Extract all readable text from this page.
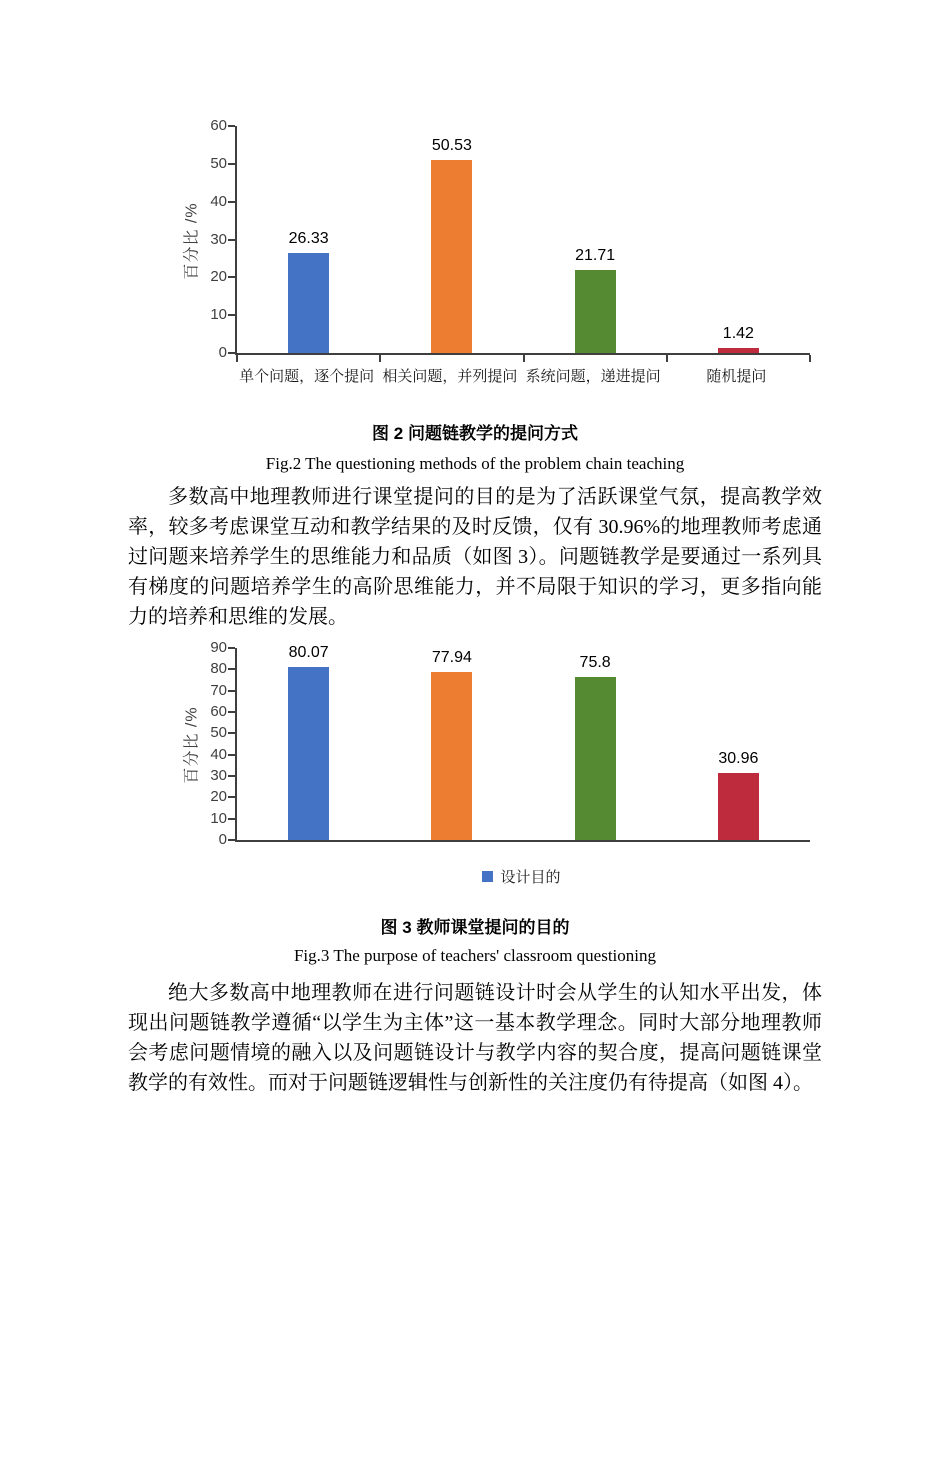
0
10
20
30
40
50
60
26.33
50.53
21.71
1.42
百分比 /%
单个问题，逐个提问 相关问题，并列提问 系统问题，递进提问	随机提问
图 2 问题链教学的提问方式
Fig.2 The questioning methods of the problem chain teaching

多数高中地理教师进行课堂提问的目的是为了活跃课堂气氛，提高教学效率，较多考虑课堂互动和教学结果的及时反馈，仅有 30.96%的地理教师考虑通过问题来培养学生的思维能力和品质（如图 3）。问题链教学是要通过一系列具有梯度的问题培养学生的高阶思维能力，并不局限于知识的学习，更多指向能力的培养和思维的发展。

0
10
20
30
40
50
60
70
80
90	80.07	77.94	75.8
30.96
百分比 /%
设计目的
图 3 教师课堂提问的目的
Fig.3 The purpose of teachers' classroom questioning

绝大多数高中地理教师在进行问题链设计时会从学生的认知水平出发，体现出问题链教学遵循“以学生为主体”这一基本教学理念。同时大部分地理教师会考虑问题情境的融入以及问题链设计与教学内容的契合度，提高问题链课堂教学的有效性。而对于问题链逻辑性与创新性的关注度仍有待提高（如图 4）。
